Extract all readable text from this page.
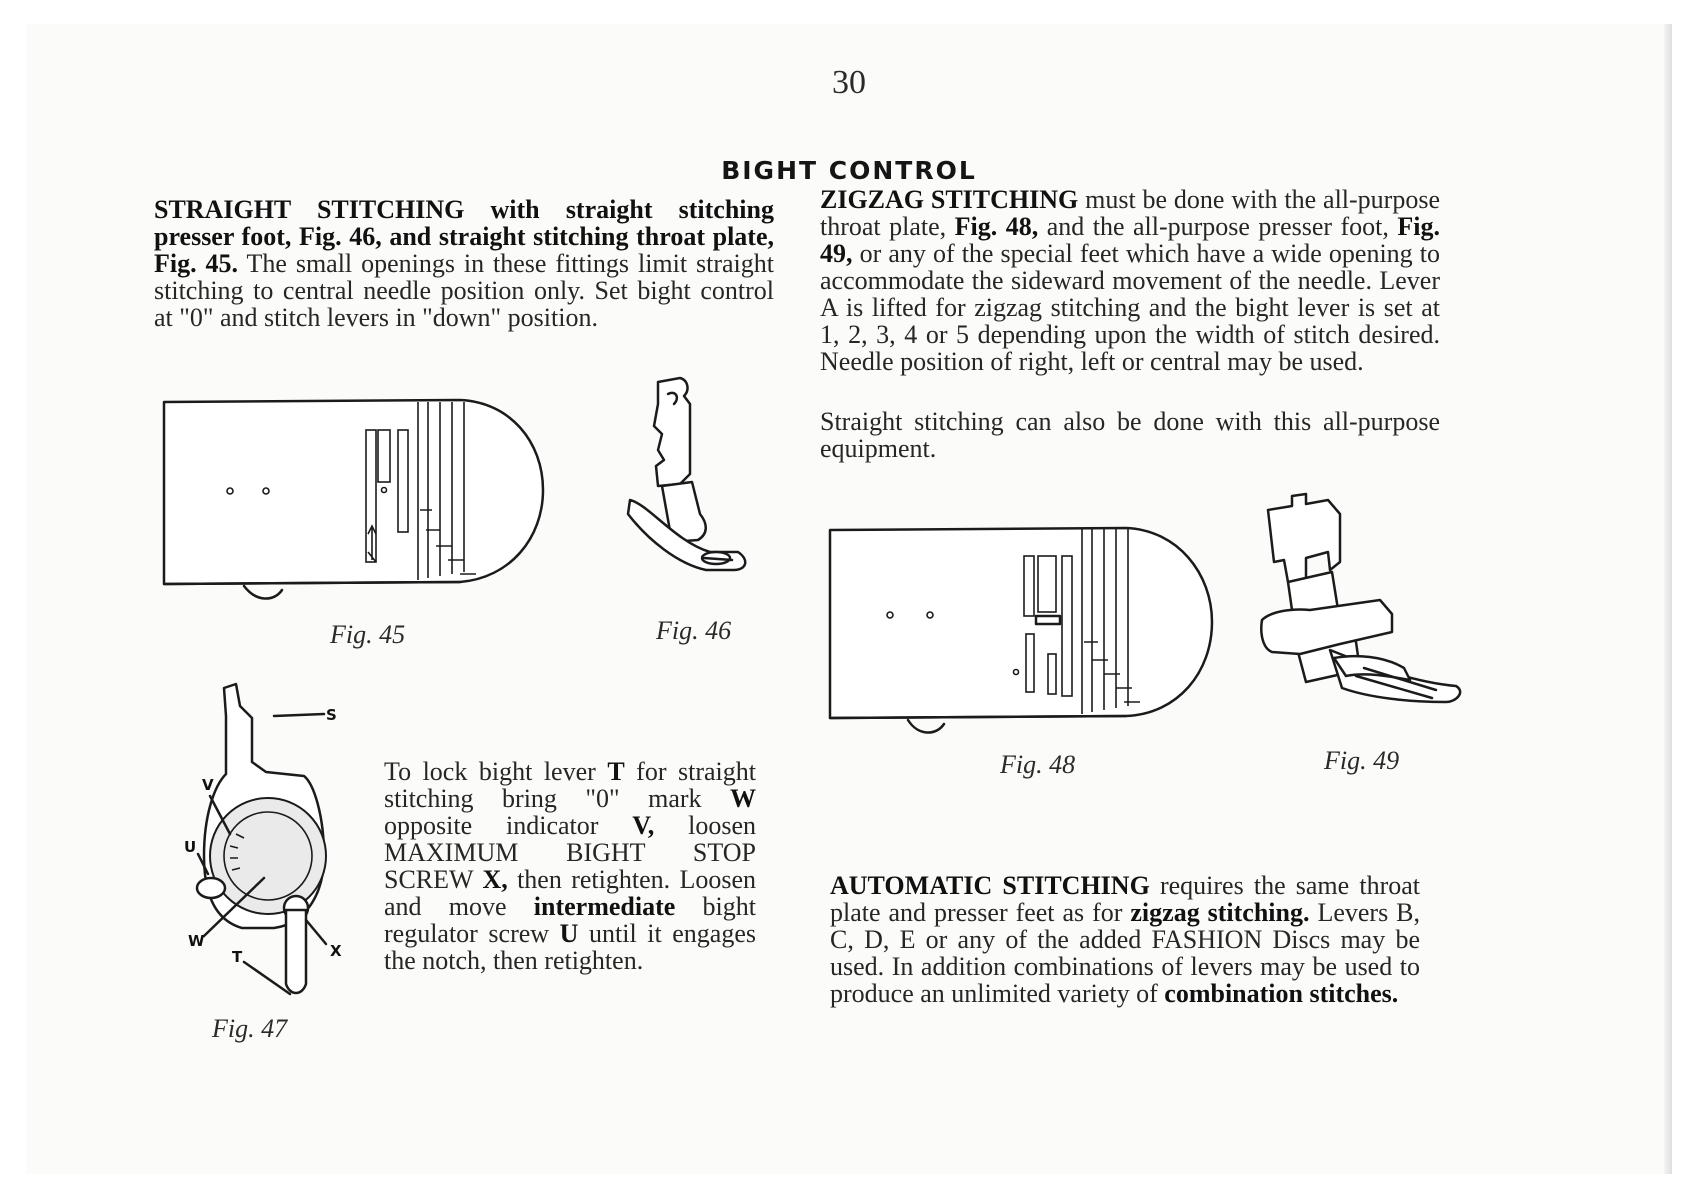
30
BIGHT CONTROL
STRAIGHT STITCHING with straight stitching presser foot, Fig. 46, and straight stitching throat plate, Fig. 45. The small openings in these fittings limit straight stitching to central needle position only. Set bight control at "0" and stitch levers in "down" position.
ZIGZAG STITCHING must be done with the all-purpose throat plate, Fig. 48, and the all-purpose presser foot, Fig. 49, or any of the special feet which have a wide opening to accommodate the sideward movement of the needle. Lever A is lifted for zigzag stitching and the bight lever is set at 1, 2, 3, 4 or 5 depending upon the width of stitch desired. Needle position of right, left or central may be used.
Straight stitching can also be done with this all-purpose equipment.
Fig. 45	Fig. 46
S
V
U
W
X
T
Fig. 47
To lock bight lever T for straight stitching bring "0" mark W opposite indicator V, loosen MAXIMUM BIGHT STOP SCREW X, then retighten. Loosen and move intermediate bight regulator screw U until it engages the notch, then retighten.
Fig. 48	Fig. 49
AUTOMATIC STITCHING requires the same throat plate and presser feet as for zigzag stitching. Levers B, C, D, E or any of the added FASHION Discs may be used. In addition combinations of levers may be used to produce an unlimited variety of combination stitches.
